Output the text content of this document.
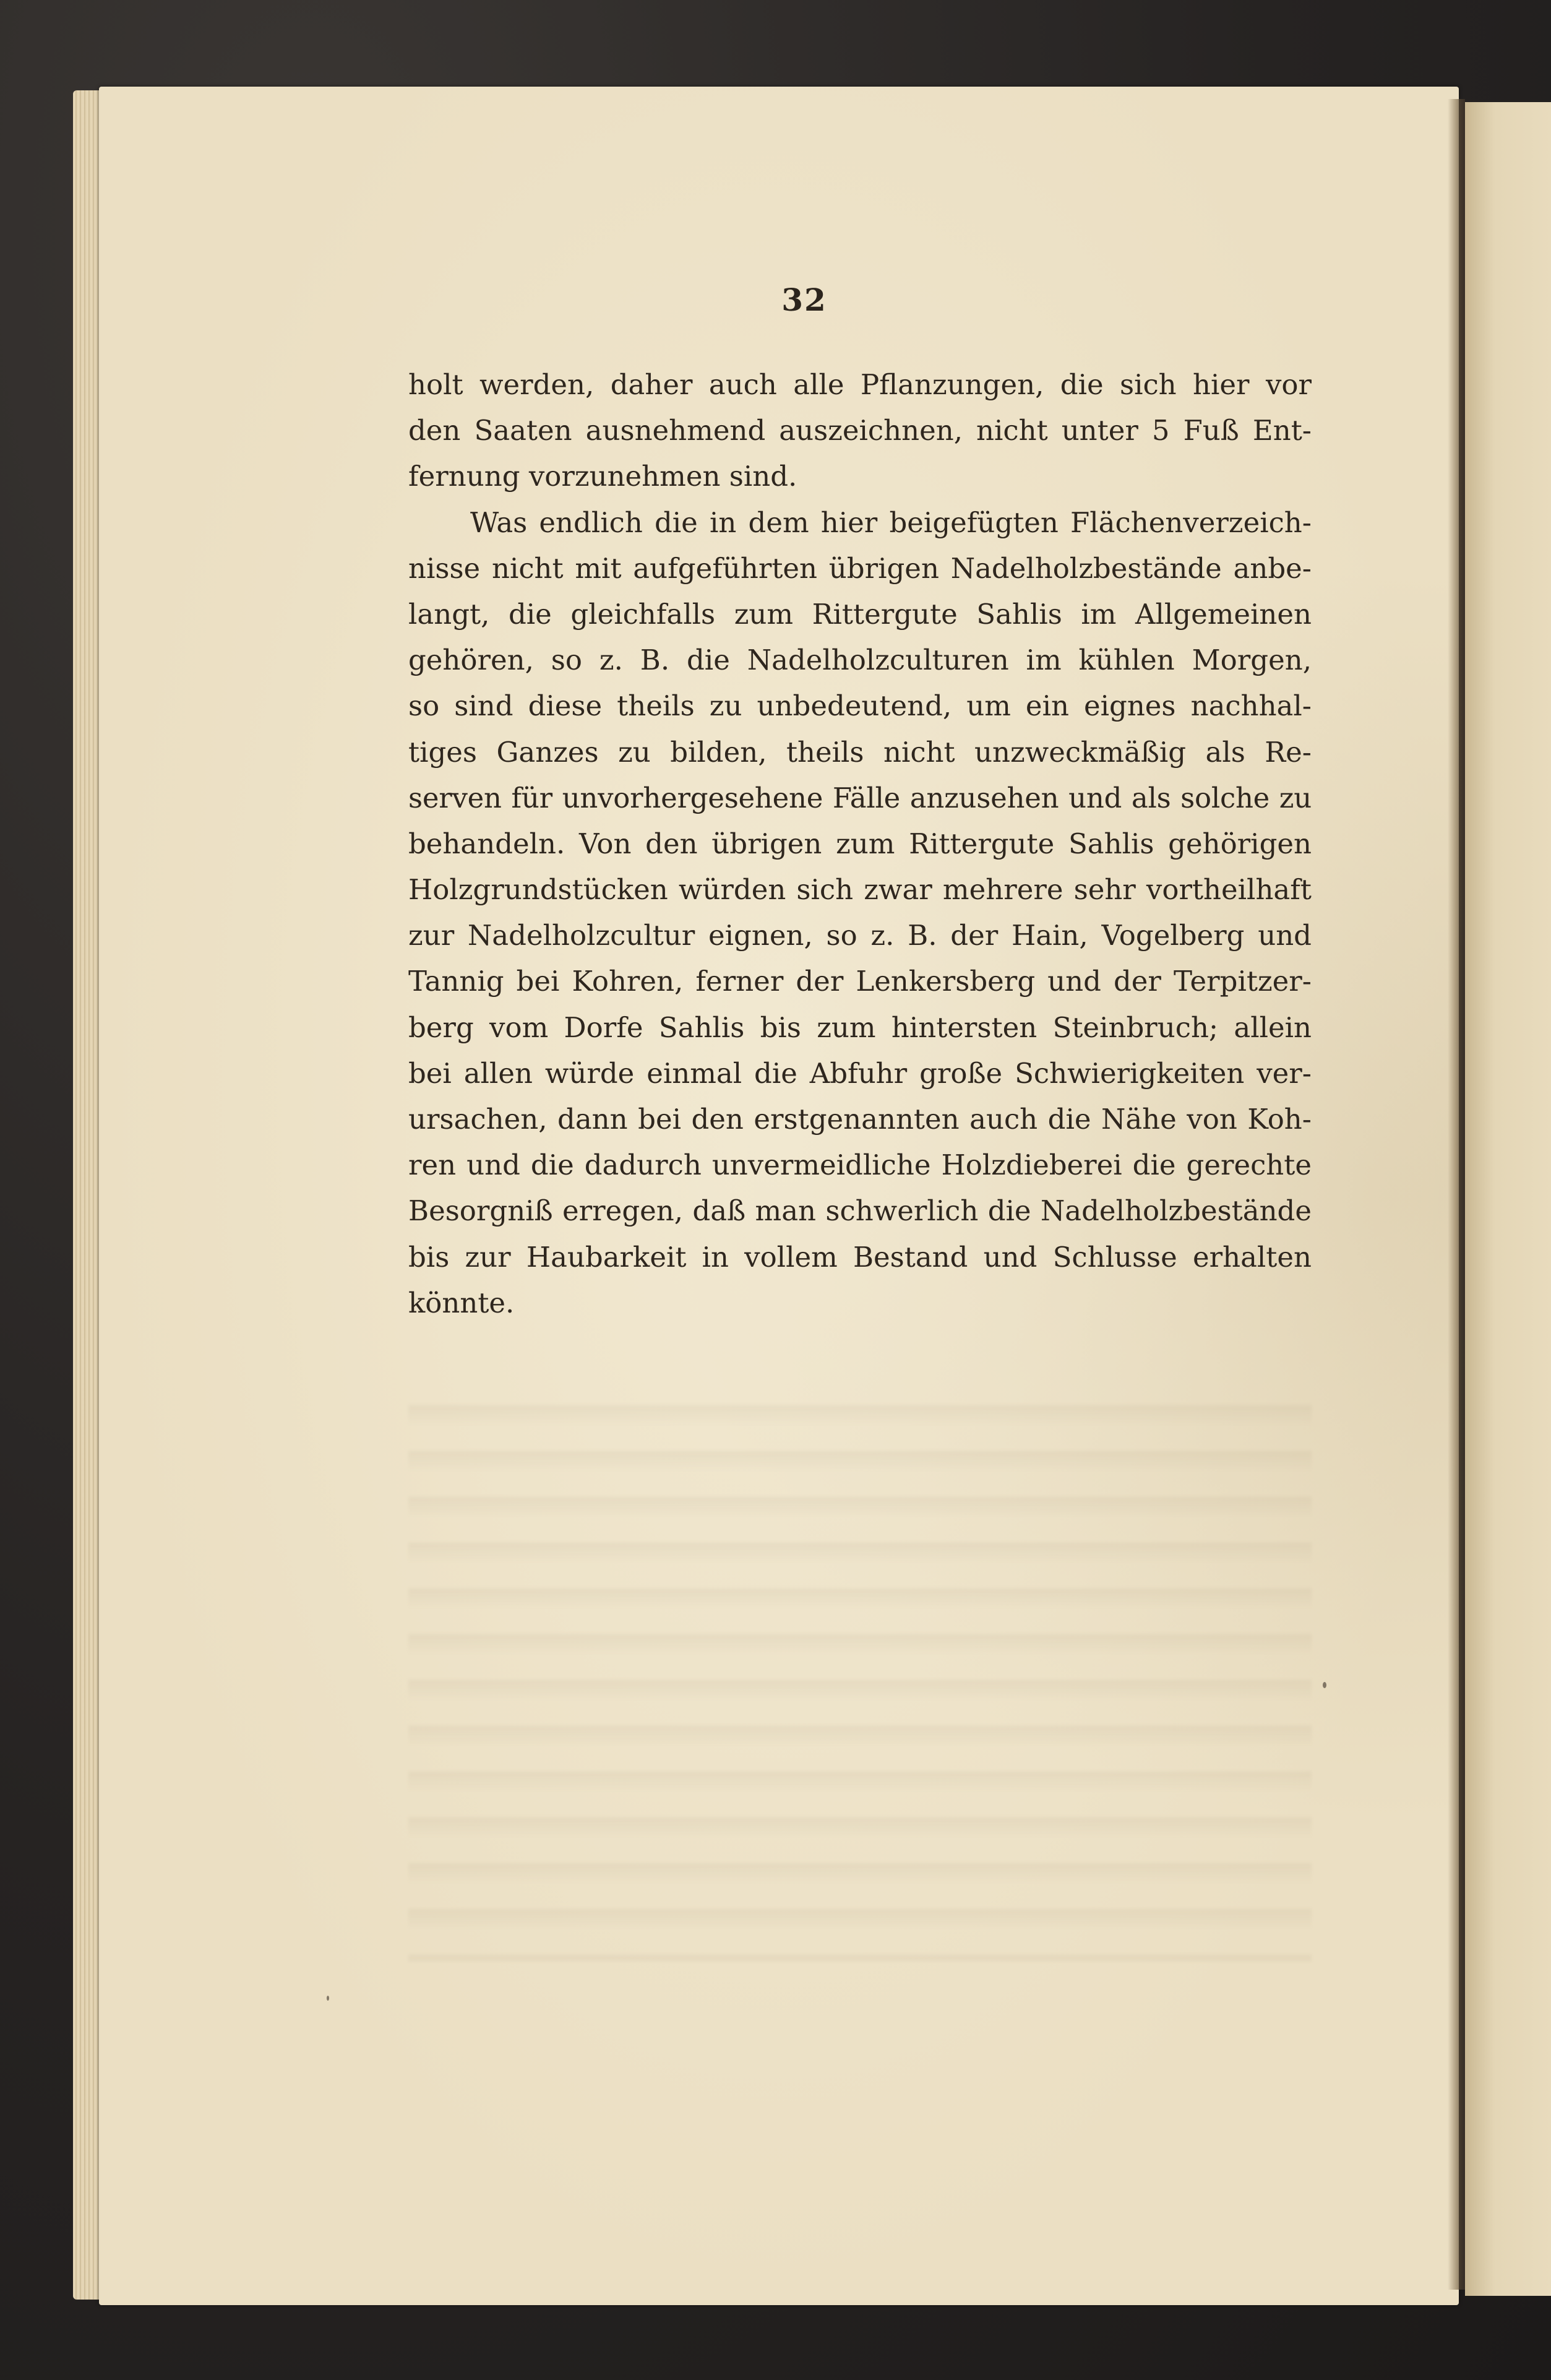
32
holt werden, daher auch alle Pflanzungen, die sich hier vor
den Saaten ausnehmend auszeichnen, nicht unter 5 Fuß Ent-
fernung vorzunehmen sind.
Was endlich die in dem hier beigefügten Flächenverzeich-
nisse nicht mit aufgeführten übrigen Nadelholzbestände anbe-
langt, die gleichfalls zum Rittergute Sahlis im Allgemeinen
gehören, so z. B. die Nadelholzculturen im kühlen Morgen,
so sind diese theils zu unbedeutend, um ein eignes nachhal-
tiges Ganzes zu bilden, theils nicht unzweckmäßig als Re-
serven für unvorhergesehene Fälle anzusehen und als solche zu
behandeln. Von den übrigen zum Rittergute Sahlis gehörigen
Holzgrundstücken würden sich zwar mehrere sehr vortheilhaft
zur Nadelholzcultur eignen, so z. B. der Hain, Vogelberg und
Tannig bei Kohren, ferner der Lenkersberg und der Terpitzer-
berg vom Dorfe Sahlis bis zum hintersten Steinbruch; allein
bei allen würde einmal die Abfuhr große Schwierigkeiten ver-
ursachen, dann bei den erstgenannten auch die Nähe von Koh-
ren und die dadurch unvermeidliche Holzdieberei die gerechte
Besorgniß erregen, daß man schwerlich die Nadelholzbestände
bis zur Haubarkeit in vollem Bestand und Schlusse erhalten
könnte.
